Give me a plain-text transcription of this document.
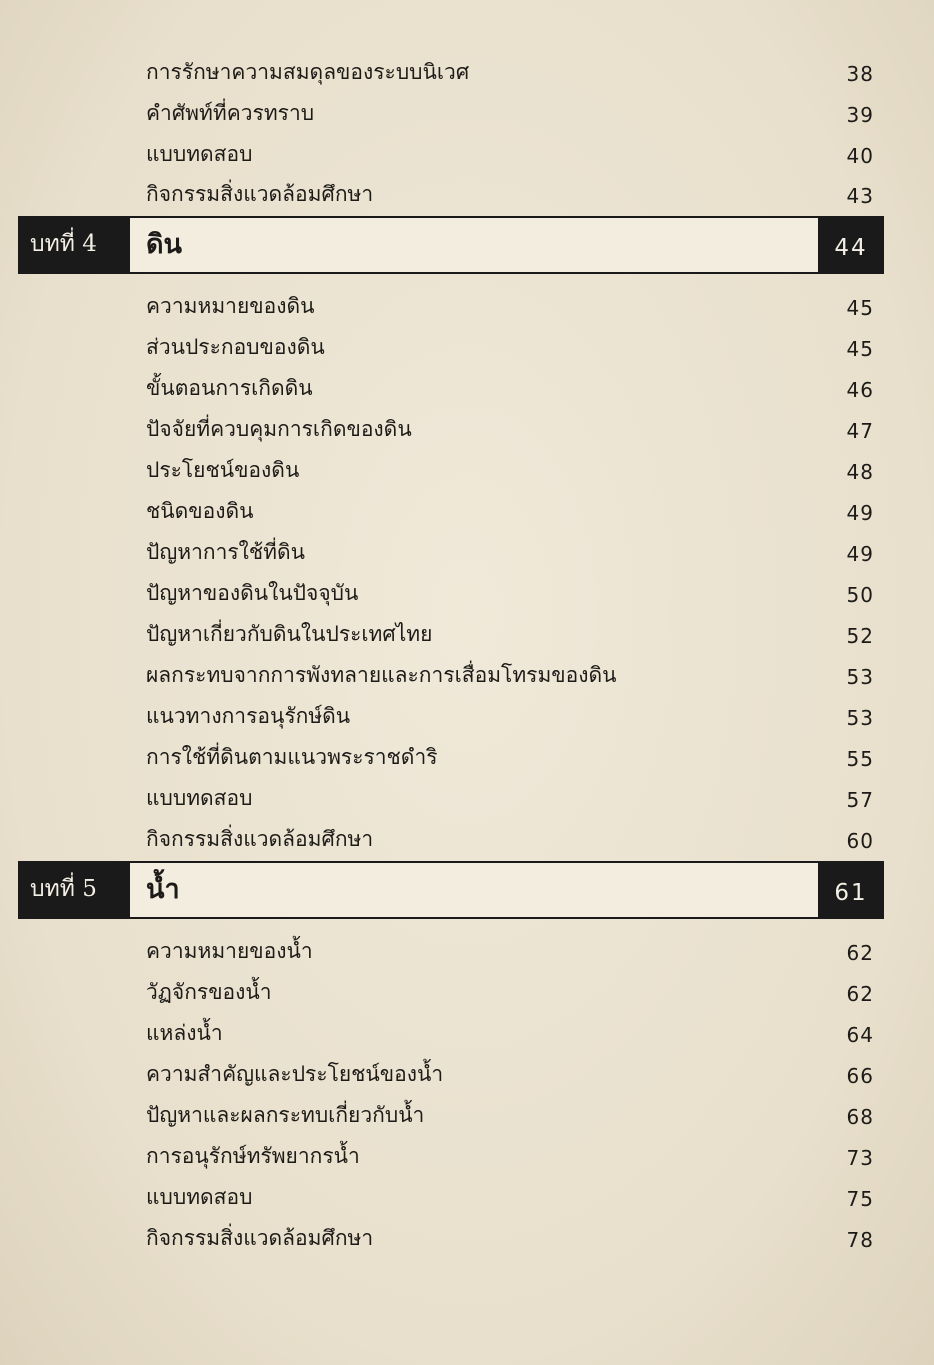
การรักษาความสมดุลของระบบนิเวศ	38
คำศัพท์ที่ควรทราบ	39
แบบทดสอบ	40
กิจกรรมสิ่งแวดล้อมศึกษา	43
บทที่ 4 ดิน	44
ความหมายของดิน	45
ส่วนประกอบของดิน	45
ขั้นตอนการเกิดดิน	46
ปัจจัยที่ควบคุมการเกิดของดิน	47
ประโยชน์ของดิน	48
ชนิดของดิน	49
ปัญหาการใช้ที่ดิน	49
ปัญหาของดินในปัจจุบัน	50
ปัญหาเกี่ยวกับดินในประเทศไทย	52
ผลกระทบจากการพังทลายและการเสื่อมโทรมของดิน	53
แนวทางการอนุรักษ์ดิน	53
การใช้ที่ดินตามแนวพระราชดำริ	55
แบบทดสอบ	57
กิจกรรมสิ่งแวดล้อมศึกษา	60
บทที่ 5 น้ำ	61
ความหมายของน้ำ	62
วัฏจักรของน้ำ	62
แหล่งน้ำ	64
ความสำคัญและประโยชน์ของน้ำ	66
ปัญหาและผลกระทบเกี่ยวกับน้ำ	68
การอนุรักษ์ทรัพยากรน้ำ	73
แบบทดสอบ	75
กิจกรรมสิ่งแวดล้อมศึกษา	78
